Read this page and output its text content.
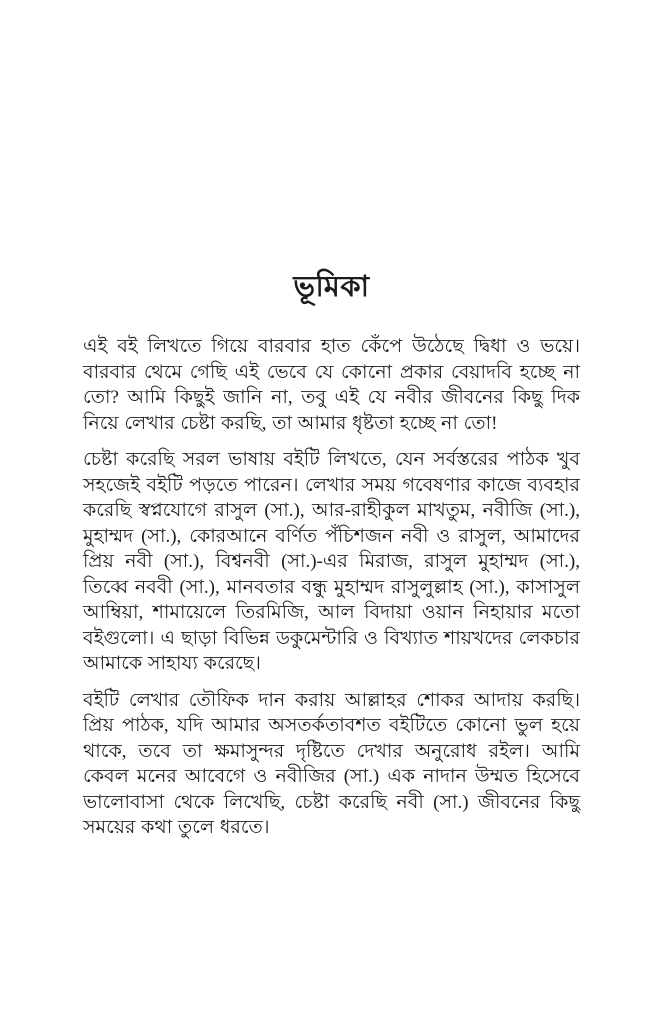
ভূমিকা

এই বই লিখতে গিয়ে বারবার হাত কেঁপে উঠেছে দ্বিধা ও ভয়ে। বারবার থেমে গেছি এই ভেবে যে কোনো প্রকার বেয়াদবি হচ্ছে না তো? আমি কিছুই জানি না, তবু এই যে নবীর জীবনের কিছু দিক নিয়ে লেখার চেষ্টা করছি, তা আমার ধৃষ্টতা হচ্ছে না তো!

চেষ্টা করেছি সরল ভাষায় বইটি লিখতে, যেন সর্বস্তরের পাঠক খুব সহজেই বইটি পড়তে পারেন। লেখার সময় গবেষণার কাজে ব্যবহার করেছি স্বপ্নযোগে রাসুল (সা.), আর-রাহীকুল মাখতুম, নবীজি (সা.), মুহাম্মদ (সা.), কোরআনে বর্ণিত পঁচিশজন নবী ও রাসুল, আমাদের প্রিয় নবী (সা.), বিশ্বনবী (সা.)-এর মিরাজ, রাসুল মুহাম্মদ (সা.), তিব্বে নববী (সা.), মানবতার বন্ধু মুহাম্মদ রাসুলুল্লাহ (সা.), কাসাসুল আম্বিয়া, শামায়েলে তিরমিজি, আল বিদায়া ওয়ান নিহায়ার মতো বইগুলো। এ ছাড়া বিভিন্ন ডকুমেন্টারি ও বিখ্যাত শায়খদের লেকচার আমাকে সাহায্য করেছে।

বইটি লেখার তৌফিক দান করায় আল্লাহর শোকর আদায় করছি। প্রিয় পাঠক, যদি আমার অসতর্কতাবশত বইটিতে কোনো ভুল হয়ে থাকে, তবে তা ক্ষমাসুন্দর দৃষ্টিতে দেখার অনুরোধ রইল। আমি কেবল মনের আবেগে ও নবীজির (সা.) এক নাদান উম্মত হিসেবে ভালোবাসা থেকে লিখেছি, চেষ্টা করেছি নবী (সা.) জীবনের কিছু সময়ের কথা তুলে ধরতে।
